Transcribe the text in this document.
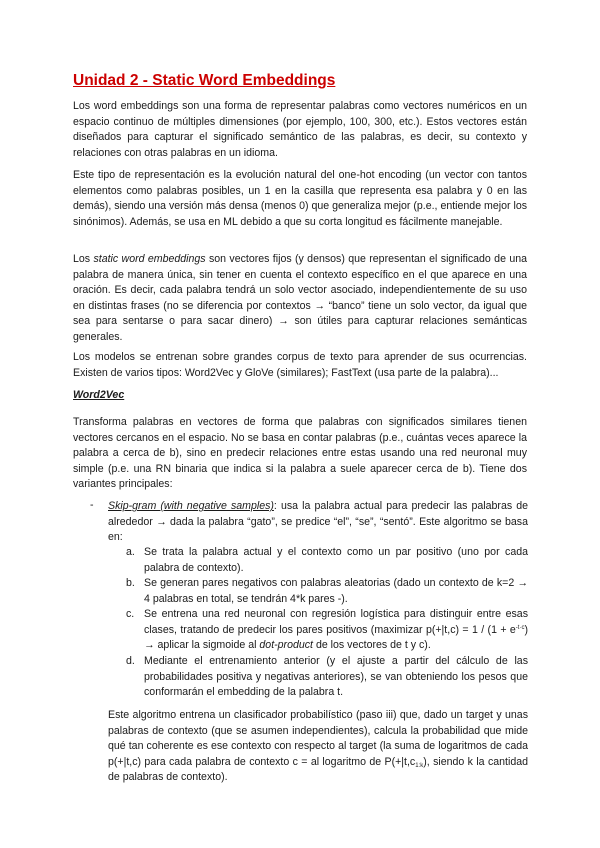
Unidad 2 - Static Word Embeddings

Los word embeddings son una forma de representar palabras como vectores numéricos en un espacio continuo de múltiples dimensiones (por ejemplo, 100, 300, etc.). Estos vectores están diseñados para capturar el significado semántico de las palabras, es decir, su contexto y relaciones con otras palabras en un idioma.

Este tipo de representación es la evolución natural del one-hot encoding (un vector con tantos elementos como palabras posibles, un 1 en la casilla que representa esa palabra y 0 en las demás), siendo una versión más densa (menos 0) que generaliza mejor (p.e., entiende mejor los sinónimos). Además, se usa en ML debido a que su corta longitud es fácilmente manejable.

Los static word embeddings son vectores fijos (y densos) que representan el significado de una palabra de manera única, sin tener en cuenta el contexto específico en el que aparece en una oración. Es decir, cada palabra tendrá un solo vector asociado, independientemente de su uso en distintas frases (no se diferencia por contextos → “banco” tiene un solo vector, da igual que sea para sentarse o para sacar dinero) → son útiles para capturar relaciones semánticas generales.

Los modelos se entrenan sobre grandes corpus de texto para aprender de sus ocurrencias. Existen de varios tipos: Word2Vec y GloVe (similares); FastText (usa parte de la palabra)...

Word2Vec

Transforma palabras en vectores de forma que palabras con significados similares tienen vectores cercanos en el espacio. No se basa en contar palabras (p.e., cuántas veces aparece la palabra a cerca de b), sino en predecir relaciones entre estas usando una red neuronal muy simple (p.e. una RN binaria que indica si la palabra a suele aparecer cerca de b). Tiene dos variantes principales:

- Skip-gram (with negative samples): usa la palabra actual para predecir las palabras de alrededor → dada la palabra “gato”, se predice “el”, “se”, “sentó”. Este algoritmo se basa en:

a. Se trata la palabra actual y el contexto como un par positivo (uno por cada palabra de contexto).

b. Se generan pares negativos con palabras aleatorias (dado un contexto de k=2 → 4 palabras en total, se tendrán 4*k pares -).

c. Se entrena una red neuronal con regresión logística para distinguir entre esas clases, tratando de predecir los pares positivos (maximizar $p(+|t,c) = 1 / (1 + e^{-t\cdot c})$ → aplicar la sigmoide al dot-product de los vectores de t y c).

d. Mediante el entrenamiento anterior (y el ajuste a partir del cálculo de las probabilidades positiva y negativas anteriores), se van obteniendo los pesos que conformarán el embedding de la palabra t.

Este algoritmo entrena un clasificador probabilístico (paso iii) que, dado un target y unas palabras de contexto (que se asumen independientes), calcula la probabilidad que mide qué tan coherente es ese contexto con respecto al target (la suma de logaritmos de cada p(+|t,c) para cada palabra de contexto c = al logaritmo de $P(+|t,c_{1:k})$, siendo k la cantidad de palabras de contexto).
